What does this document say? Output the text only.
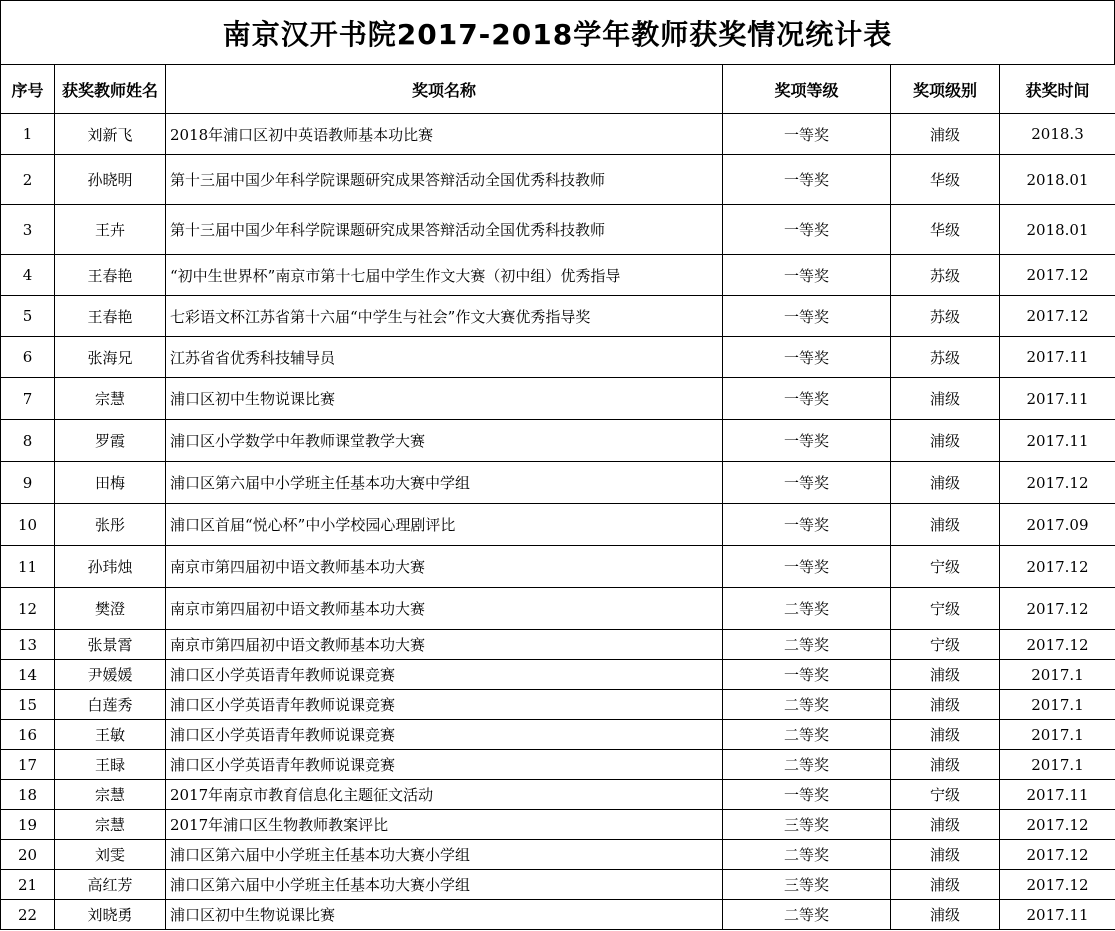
南京汉开书院2017-2018学年教师获奖情况统计表
序号	获奖教师姓名	奖项名称	奖项等级	奖项级别	获奖时间
1	刘新飞	2018年浦口区初中英语教师基本功比赛	一等奖	浦级	2018.3
2	孙晓明	第十三届中国少年科学院课题研究成果答辩活动全国优秀科技教师	一等奖	华级	2018.01
3	王卉	第十三届中国少年科学院课题研究成果答辩活动全国优秀科技教师	一等奖	华级	2018.01
4	王春艳	“初中生世界杯”南京市第十七届中学生作文大赛（初中组）优秀指导	一等奖	苏级	2017.12
5	王春艳	七彩语文杯江苏省第十六届“中学生与社会”作文大赛优秀指导奖	一等奖	苏级	2017.12
6	张海兄	江苏省省优秀科技辅导员	一等奖	苏级	2017.11
7	宗慧	浦口区初中生物说课比赛	一等奖	浦级	2017.11
8	罗霞	浦口区小学数学中年教师课堂教学大赛	一等奖	浦级	2017.11
9	田梅	浦口区第六届中小学班主任基本功大赛中学组	一等奖	浦级	2017.12
10	张彤	浦口区首届“悦心杯”中小学校园心理剧评比	一等奖	浦级	2017.09
11	孙玮烛	南京市第四届初中语文教师基本功大赛	一等奖	宁级	2017.12
12	樊澄	南京市第四届初中语文教师基本功大赛	二等奖	宁级	2017.12
13	张景霄	南京市第四届初中语文教师基本功大赛	二等奖	宁级	2017.12
14	尹媛媛	浦口区小学英语青年教师说课竞赛	一等奖	浦级	2017.1
15	白莲秀	浦口区小学英语青年教师说课竞赛	二等奖	浦级	2017.1
16	王敏	浦口区小学英语青年教师说课竞赛	二等奖	浦级	2017.1
17	王睩	浦口区小学英语青年教师说课竞赛	二等奖	浦级	2017.1
18	宗慧	2017年南京市教育信息化主题征文活动	一等奖	宁级	2017.11
19	宗慧	2017年浦口区生物教师教案评比	三等奖	浦级	2017.12
20	刘雯	浦口区第六届中小学班主任基本功大赛小学组	二等奖	浦级	2017.12
21	高红芳	浦口区第六届中小学班主任基本功大赛小学组	三等奖	浦级	2017.12
22	刘晓勇	浦口区初中生物说课比赛	二等奖	浦级	2017.11
